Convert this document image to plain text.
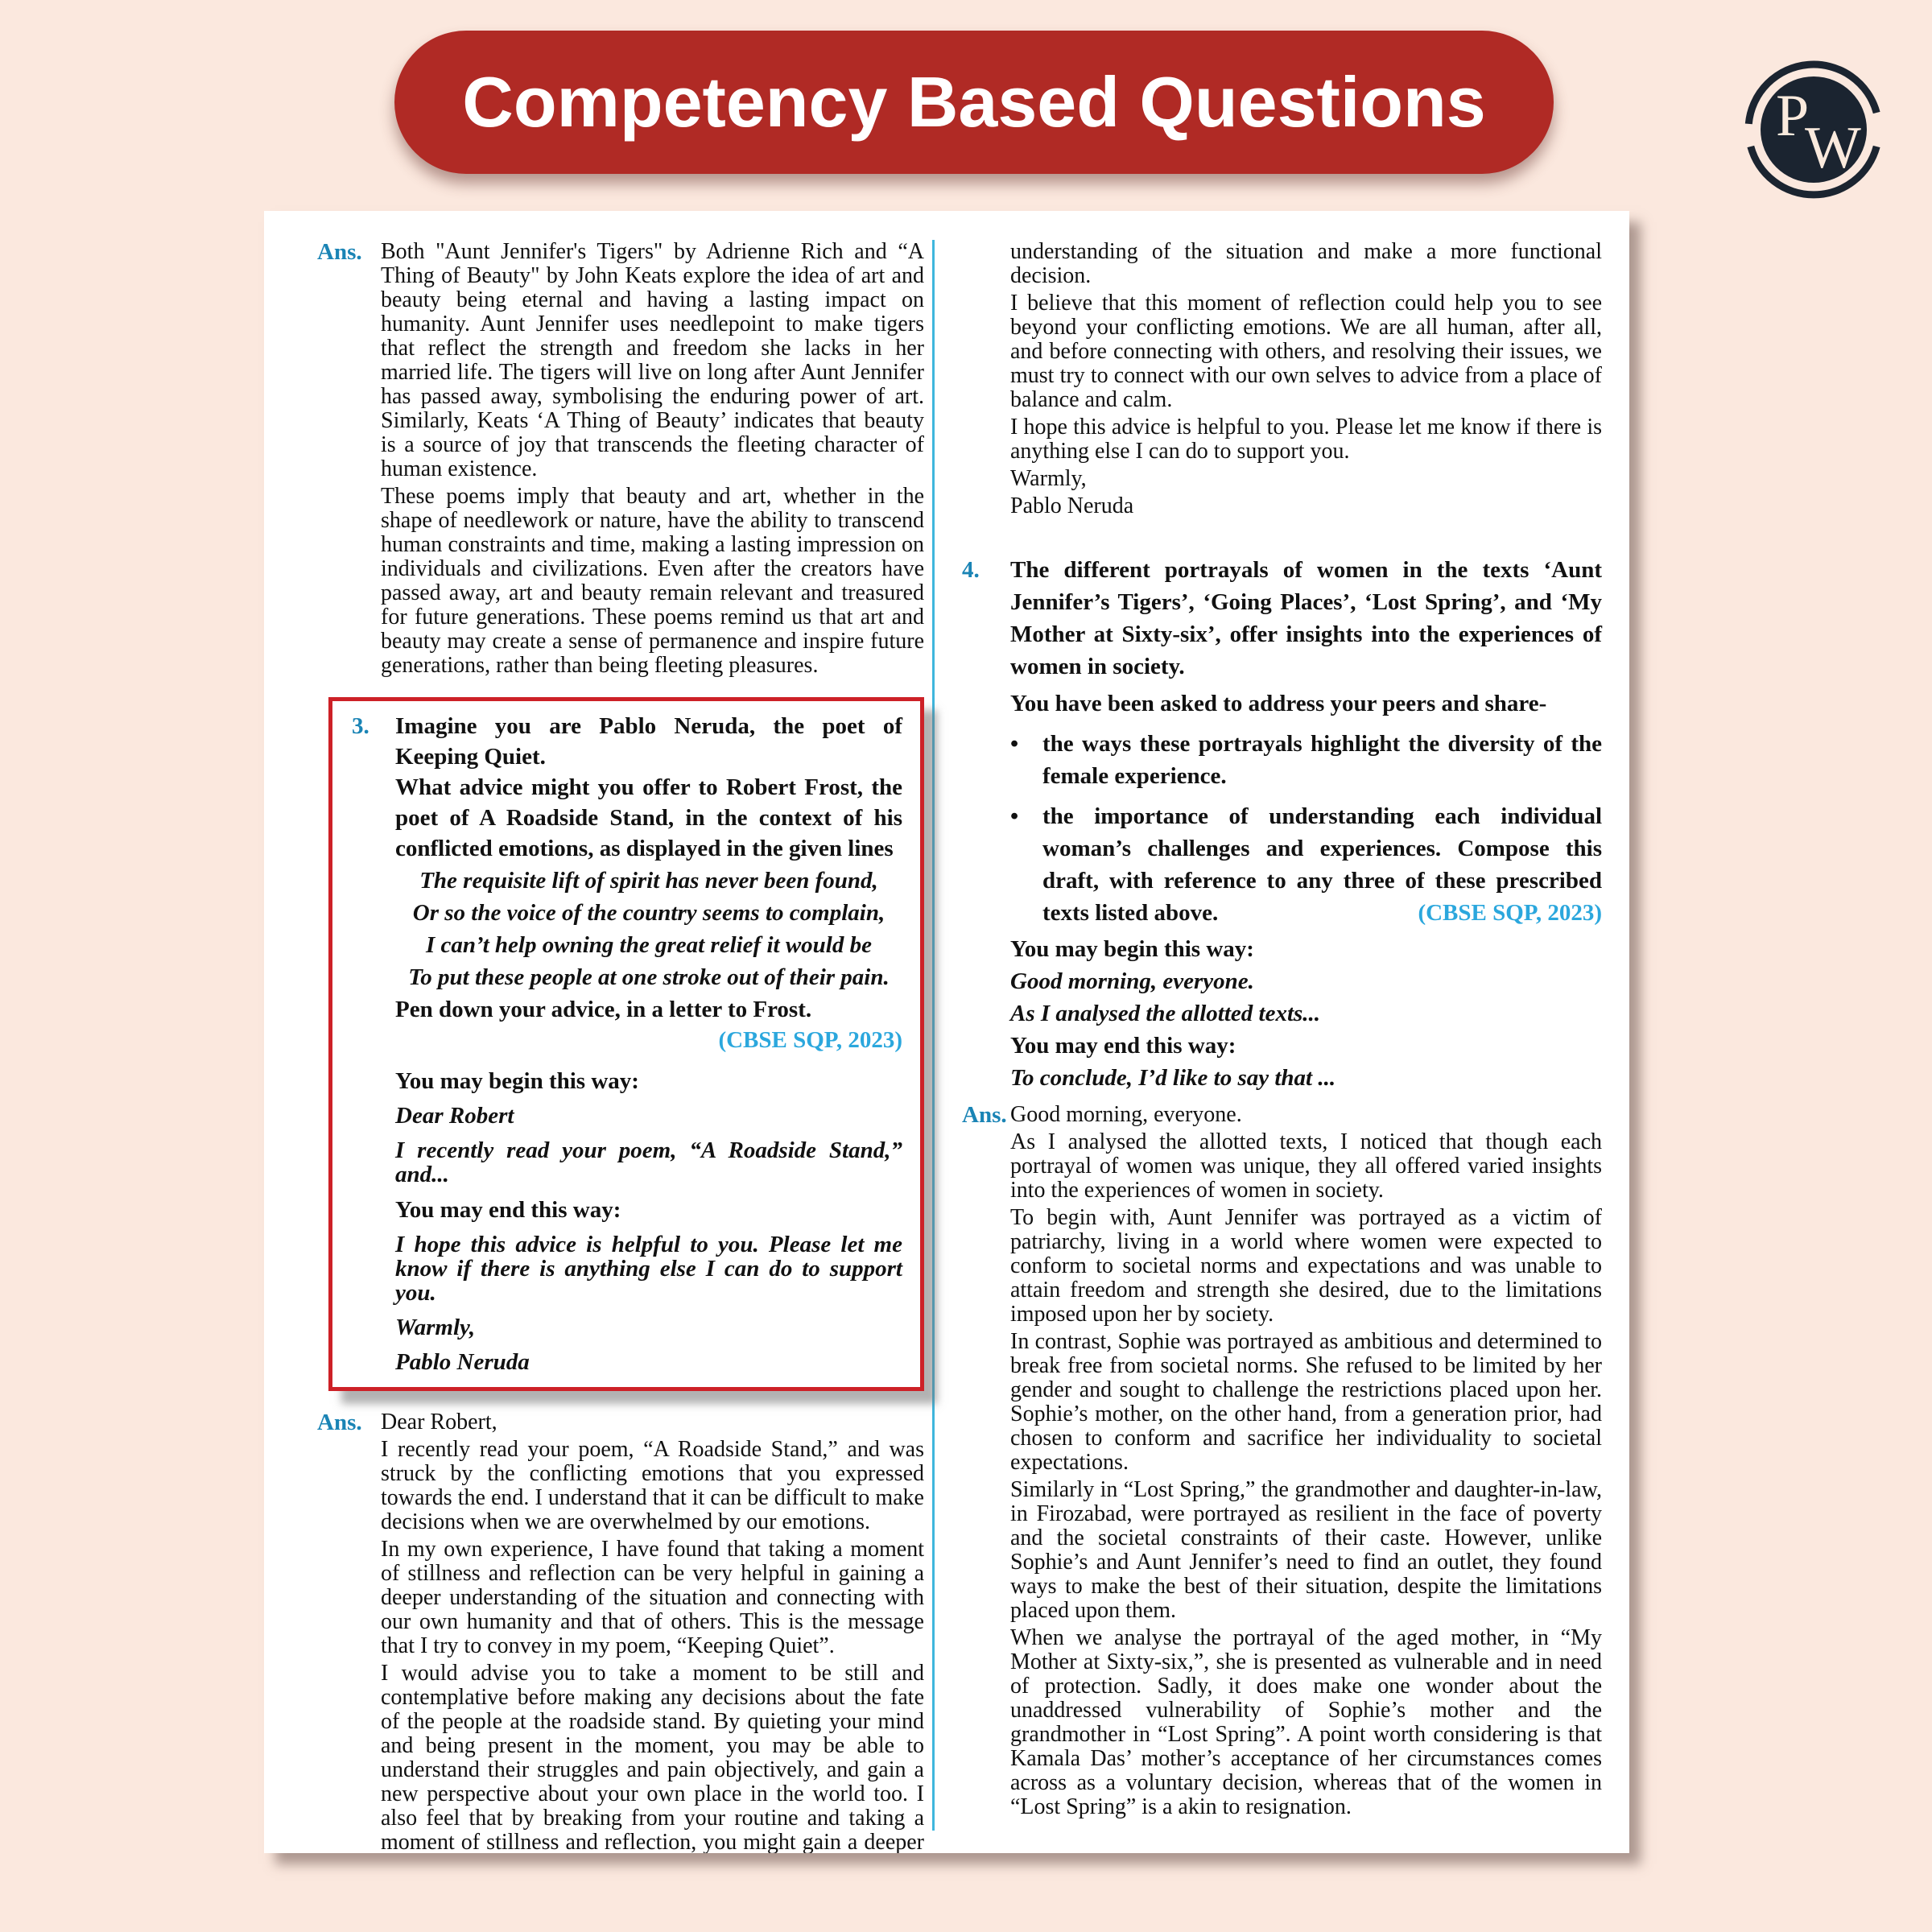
Competency Based Questions	P
W
Ans. Both "Aunt Jennifer's Tigers" by Adrienne Rich and “A Thing of Beauty" by John Keats explore the idea of art and beauty being eternal and having a lasting impact on humanity. Aunt Jennifer uses needlepoint to make tigers that reflect the strength and freedom she lacks in her married life. The tigers will live on long after Aunt Jennifer has passed away, symbolising the enduring power of art. Similarly, Keats ‘A Thing of Beauty’ indicates that beauty is a source of joy that transcends the fleeting character of human existence.

These poems imply that beauty and art, whether in the shape of needlework or nature, have the ability to transcend human constraints and time, making a lasting impression on individuals and civilizations. Even after the creators have passed away, art and beauty remain relevant and treasured for future generations. These poems remind us that art and beauty may create a sense of permanence and inspire future generations, rather than being fleeting pleasures.

3.	Imagine you are Pablo Neruda, the poet of Keeping Quiet.

What advice might you offer to Robert Frost, the poet of A Roadside Stand, in the context of his conflicted emotions, as displayed in the given lines

The requisite lift of spirit has never been found,

Or so the voice of the country seems to complain,

I can’t help owning the great relief it would be

To put these people at one stroke out of their pain.

Pen down your advice, in a letter to Frost.

(CBSE SQP, 2023)

You may begin this way:

Dear Robert

I recently read your poem, “A Roadside Stand,” and...

You may end this way:

I hope this advice is helpful to you. Please let me know if there is anything else I can do to support you.

Warmly,

Pablo Neruda

Ans. Dear Robert,

I recently read your poem, “A Roadside Stand,” and was struck by the conflicting emotions that you expressed towards the end. I understand that it can be difficult to make decisions when we are overwhelmed by our emotions.

In my own experience, I have found that taking a moment of stillness and reflection can be very helpful in gaining a deeper understanding of the situation and connecting with our own humanity and that of others. This is the message that I try to convey in my poem, “Keeping Quiet”.

I would advise you to take a moment to be still and contemplative before making any decisions about the fate of the people at the roadside stand. By quieting your mind and being present in the moment, you may be able to understand their struggles and pain objectively, and gain a new perspective about your own place in the world too. I also feel that by breaking from your routine and taking a moment of stillness and reflection, you might gain a deeper

understanding of the situation and make a more functional decision.

I believe that this moment of reflection could help you to see beyond your conflicting emotions. We are all human, after all, and before connecting with others, and resolving their issues, we must try to connect with our own selves to advice from a place of balance and calm.

I hope this advice is helpful to you. Please let me know if there is anything else I can do to support you.

Warmly,

Pablo Neruda

4.	The different portrayals of women in the texts ‘Aunt Jennifer’s Tigers’, ‘Going Places’, ‘Lost Spring’, and ‘My Mother at Sixty-six’, offer insights into the experiences of women in society.

You have been asked to address your peers and share-

•

the ways these portrayals highlight the diversity of the female experience.

•

the importance of understanding each individual woman’s challenges and experiences. Compose this draft, with reference to any three of these prescribed

texts listed above.	(CBSE SQP, 2023)

You may begin this way:

Good morning, everyone.

As I analysed the allotted texts...

You may end this way:

To conclude, I’d like to say that ...

Ans. Good morning, everyone.

As I analysed the allotted texts, I noticed that though each portrayal of women was unique, they all offered varied insights into the experiences of women in society.

To begin with, Aunt Jennifer was portrayed as a victim of patriarchy, living in a world where women were expected to conform to societal norms and expectations and was unable to attain freedom and strength she desired, due to the limitations imposed upon her by society.

In contrast, Sophie was portrayed as ambitious and determined to break free from societal norms. She refused to be limited by her gender and sought to challenge the restrictions placed upon her. Sophie’s mother, on the other hand, from a generation prior, had chosen to conform and sacrifice her individuality to societal expectations.

Similarly in “Lost Spring,” the grandmother and daughter-in-law, in Firozabad, were portrayed as resilient in the face of poverty and the societal constraints of their caste. However, unlike Sophie’s and Aunt Jennifer’s need to find an outlet, they found ways to make the best of their situation, despite the limitations placed upon them.

When we analyse the portrayal of the aged mother, in “My Mother at Sixty-six,”, she is presented as vulnerable and in need of protection. Sadly, it does make one wonder about the unaddressed vulnerability of Sophie’s mother and the grandmother in “Lost Spring”. A point worth considering is that Kamala Das’ mother’s acceptance of her circumstances comes across as a voluntary decision, whereas that of the women in “Lost Spring” is a akin to resignation.
